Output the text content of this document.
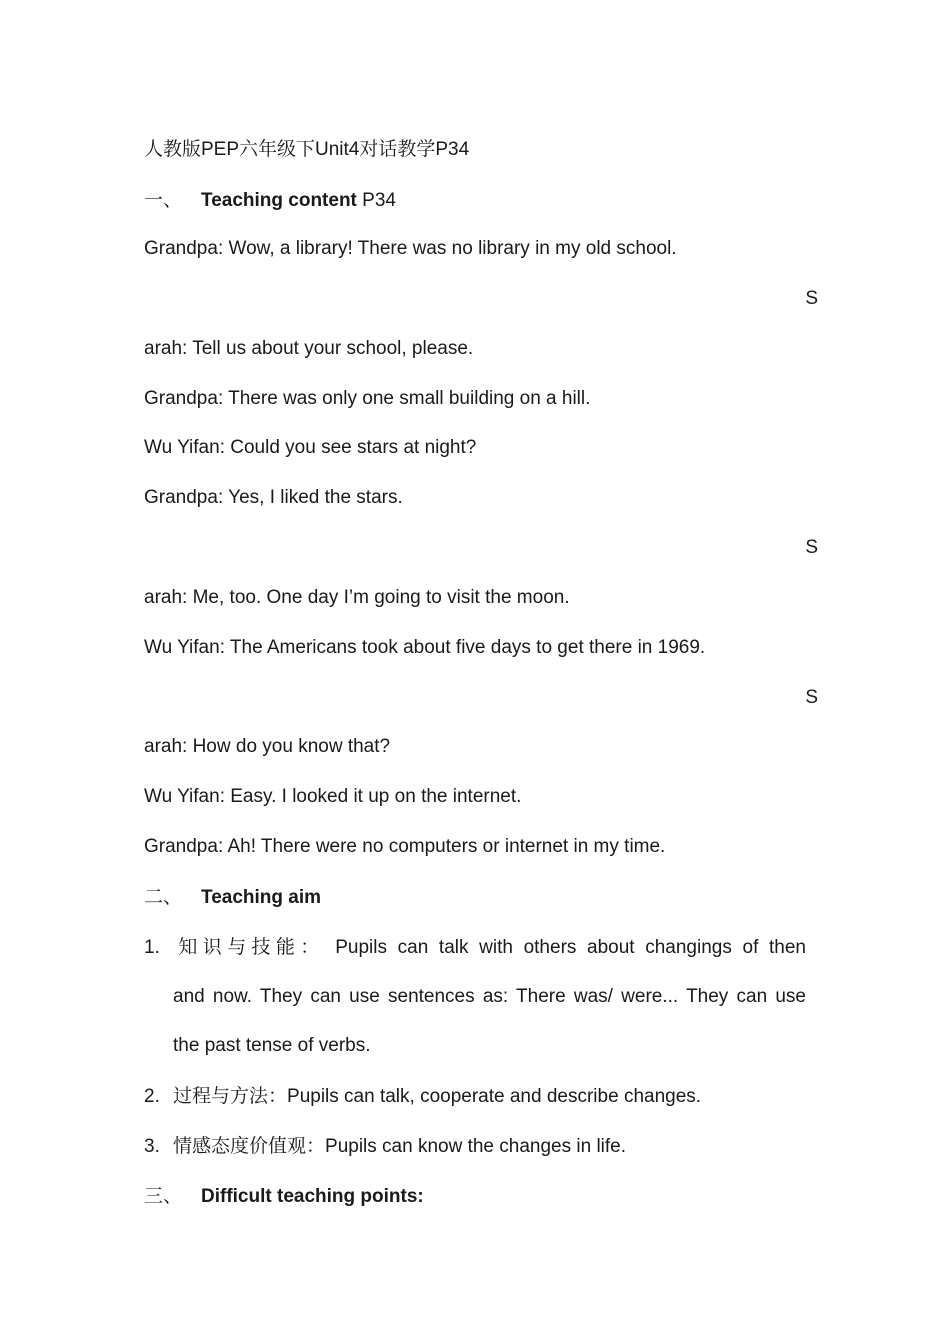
人教版PEP六年级下Unit4对话教学P34
一、 Teaching content P34
Grandpa: Wow, a library! There was no library in my old school.
S
arah: Tell us about your school, please.
Grandpa: There was only one small building on a hill.
Wu Yifan: Could you see stars at night?
Grandpa: Yes, I liked the stars.
S
arah: Me, too. One day I’m going to visit the moon.
Wu Yifan: The Americans took about five days to get there in 1969.
S
arah: How do you know that?
Wu Yifan: Easy. I looked it up on the internet.
Grandpa: Ah! There were no computers or internet in my time.
二、 Teaching aim
1. 知识与技能： Pupils can talk with others about changings of then
and now. They can use sentences as: There was/ were... They can use
the past tense of verbs.
2. 过程与方法：Pupils can talk, cooperate and describe changes.
3. 情感态度价值观：Pupils can know the changes in life.
三、 Difficult teaching points:
